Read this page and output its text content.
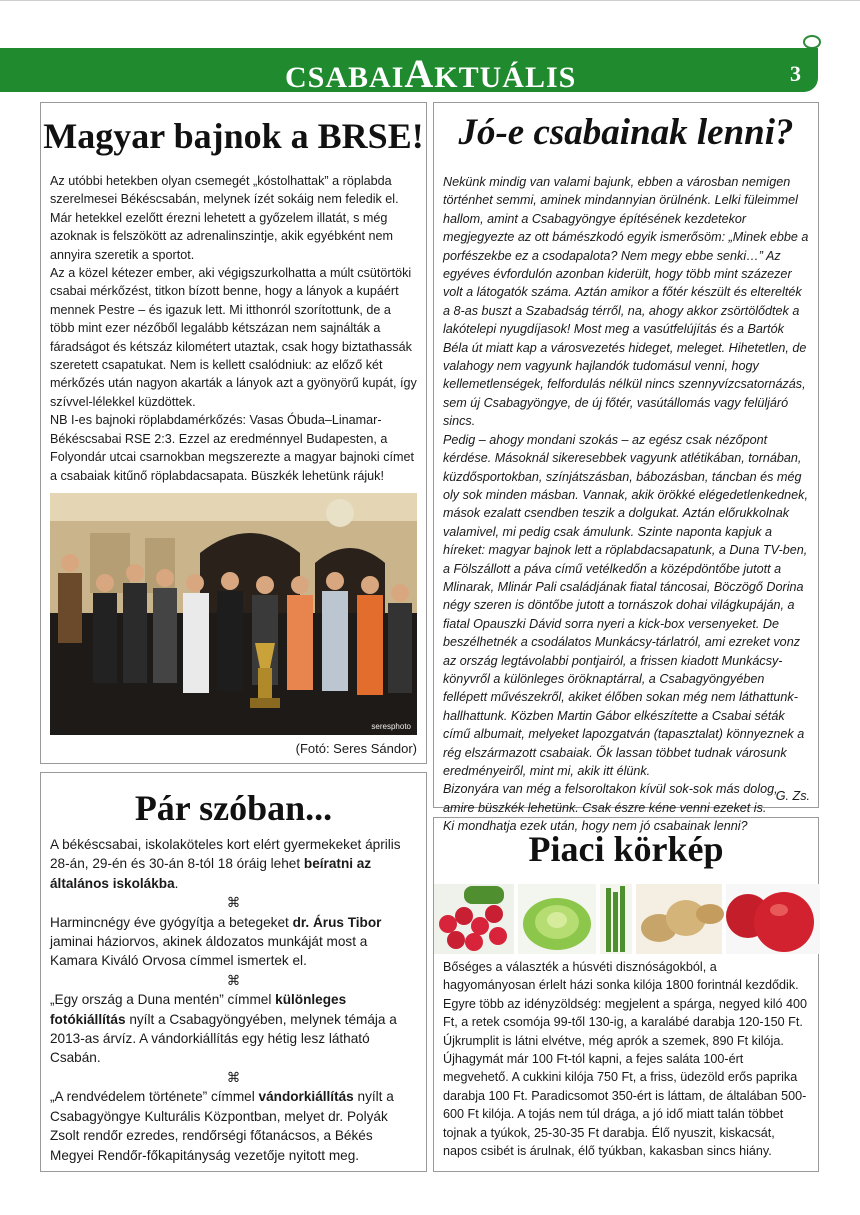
CSABAIAKTUÁLIS	3
Magyar bajnok a BRSE!

Az utóbbi hetekben olyan csemegét „kóstolhattak” a röplabda szerelmesei Békéscsabán, melynek ízét sokáig nem feledik el. Már hetekkel ezelőtt érezni lehetett a győzelem illatát, s még azoknak is felszökött az adrenalinszintje, akik egyébként nem annyira szeretik a sportot.

Az a közel kétezer ember, aki végigszurkolhatta a múlt csütörtöki csabai mérkőzést, titkon bízott benne, hogy a lányok a kupáért mennek Pestre – és igazuk lett. Mi itthonról szorítottunk, de a több mint ezer nézőből legalább kétszázan nem sajnálták a fáradságot és kétszáz kilométert utaztak, csak hogy biztathassák szeretett csapatukat. Nem is kellett csalódniuk: az előző két mérkőzés után nagyon akarták a lányok azt a gyönyörű kupát, így szívvel-lélekkel küzdöttek.

NB I-es bajnoki röplabdamérkőzés: Vasas Óbuda–Linamar-Békéscsabai RSE 2:3. Ezzel az eredménnyel Budapesten, a Folyondár utcai csarnokban megszerezte a magyar bajnoki címet a csabaiak kitűnő röplabdacsapata. Büszkék lehetünk rájuk!

seresphoto
(Fotó: Seres Sándor)
Jó-e csabainak lenni?

Nekünk mindig van valami bajunk, ebben a városban nemigen történhet semmi, aminek mindannyian örülnénk. Lelki füleimmel hallom, amint a Csabagyöngye építésének kezdetekor megjegyezte az ott bámészkodó egyik ismerősöm: „Minek ebbe a porfészekbe ez a csodapalota? Nem megy ebbe senki…” Az egyéves évfordulón azonban kiderült, hogy több mint százezer volt a látogatók száma. Aztán amikor a főtér készült és elterelték a 8-as buszt a Szabadság térről, na, ahogy akkor zsörtölődtek a lakótelepi nyugdíjasok! Most meg a vasútfelújítás és a Bartók Béla út miatt kap a városvezetés hideget, meleget. Hihetetlen, de valahogy nem vagyunk hajlandók tudomásul venni, hogy kellemetlenségek, felfordulás nélkül nincs szennyvízcsatornázás, sem új Csabagyöngye, de új főtér, vasútállomás vagy felüljáró sincs.

Pedig – ahogy mondani szokás – az egész csak nézőpont kérdése. Másoknál sikeresebbek vagyunk atlétikában, tornában, küzdősportokban, színjátszásban, bábozásban, táncban és még oly sok minden másban. Vannak, akik örökké elégedetlenkednek, mások ezalatt csendben teszik a dolgukat. Aztán előrukkolnak valamivel, mi pedig csak ámulunk. Szinte naponta kapjuk a híreket: magyar bajnok lett a röplabdacsapatunk, a Duna TV-ben, a Fölszállott a páva című vetélkedőn a középdöntőbe jutott a Mlinarak, Mlinár Pali családjának fiatal táncosai, Böczögő Dorina négy szeren is döntőbe jutott a tornászok dohai világkupáján, a fiatal Opauszki Dávid sorra nyeri a kick-box versenyeket. De beszélhetnék a csodálatos Munkácsy-tárlatról, ami ezreket vonz az ország legtávolabbi pontjairól, a frissen kiadott Munkácsy-könyvről a különleges öröknaptárral, a Csabagyöngyében fellépett művészekről, akiket élőben sokan még nem láthattunk-hallhattunk. Közben Martin Gábor elkészítette a Csabai séták című albumait, melyeket lapozgatván (tapasztalat) könnyeznek a rég elszármazott csabaiak. Ők lassan többet tudnak városunk eredményeiről, mint mi, akik itt élünk.

Bizonyára van még a felsoroltakon kívül sok-sok más dolog, amire büszkék lehetünk. Csak észre kéne venni ezeket is.

Ki mondhatja ezek után, hogy nem jó csabainak lenni?

G. Zs.
Pár szóban...

A békéscsabai, iskolaköteles kort elért gyermekeket április 28-án, 29-én és 30-án 8-tól 18 óráig lehet beíratni az általános iskolákba.

⌘

Harmincnégy éve gyógyítja a betegeket dr. Árus Tibor jaminai háziorvos, akinek áldozatos munkáját most a Kamara Kiváló Orvosa címmel ismertek el.

⌘

„Egy ország a Duna mentén” címmel különleges fotókiállítás nyílt a Csabagyöngyében, melynek témája a 2013-as árvíz. A vándorkiállítás egy hétig lesz látható Csabán.

⌘

„A rendvédelem története” címmel vándorkiállítás nyílt a Csabagyöngye Kulturális Központban, melyet dr. Polyák Zsolt rendőr ezredes, rendőrségi főtanácsos, a Békés Megyei Rendőr-főkapitányság vezetője nyitott meg.

Piaci körkép

Bőséges a választék a húsvéti disznóságokból, a hagyományosan érlelt házi sonka kilója 1800 forintnál kezdődik. Egyre több az idényzöldség: megjelent a spárga, negyed kiló 400 Ft, a retek csomója 99-től 130-ig, a karalábé darabja 120-150 Ft. Újkrumplit is látni elvétve, még aprók a szemek, 890 Ft kilója. Újhagymát már 100 Ft-tól kapni, a fejes saláta 100-ért megvehető. A cukkini kilója 750 Ft, a friss, üdezöld erős paprika darabja 100 Ft. Paradicsomot 350-ért is láttam, de általában 500-600 Ft kilója. A tojás nem túl drága, a jó idő miatt talán többet tojnak a tyúkok, 25-30-35 Ft darabja. Élő nyuszit, kiskacsát, napos csibét is árulnak, élő tyúkban, kakasban sincs hiány.
